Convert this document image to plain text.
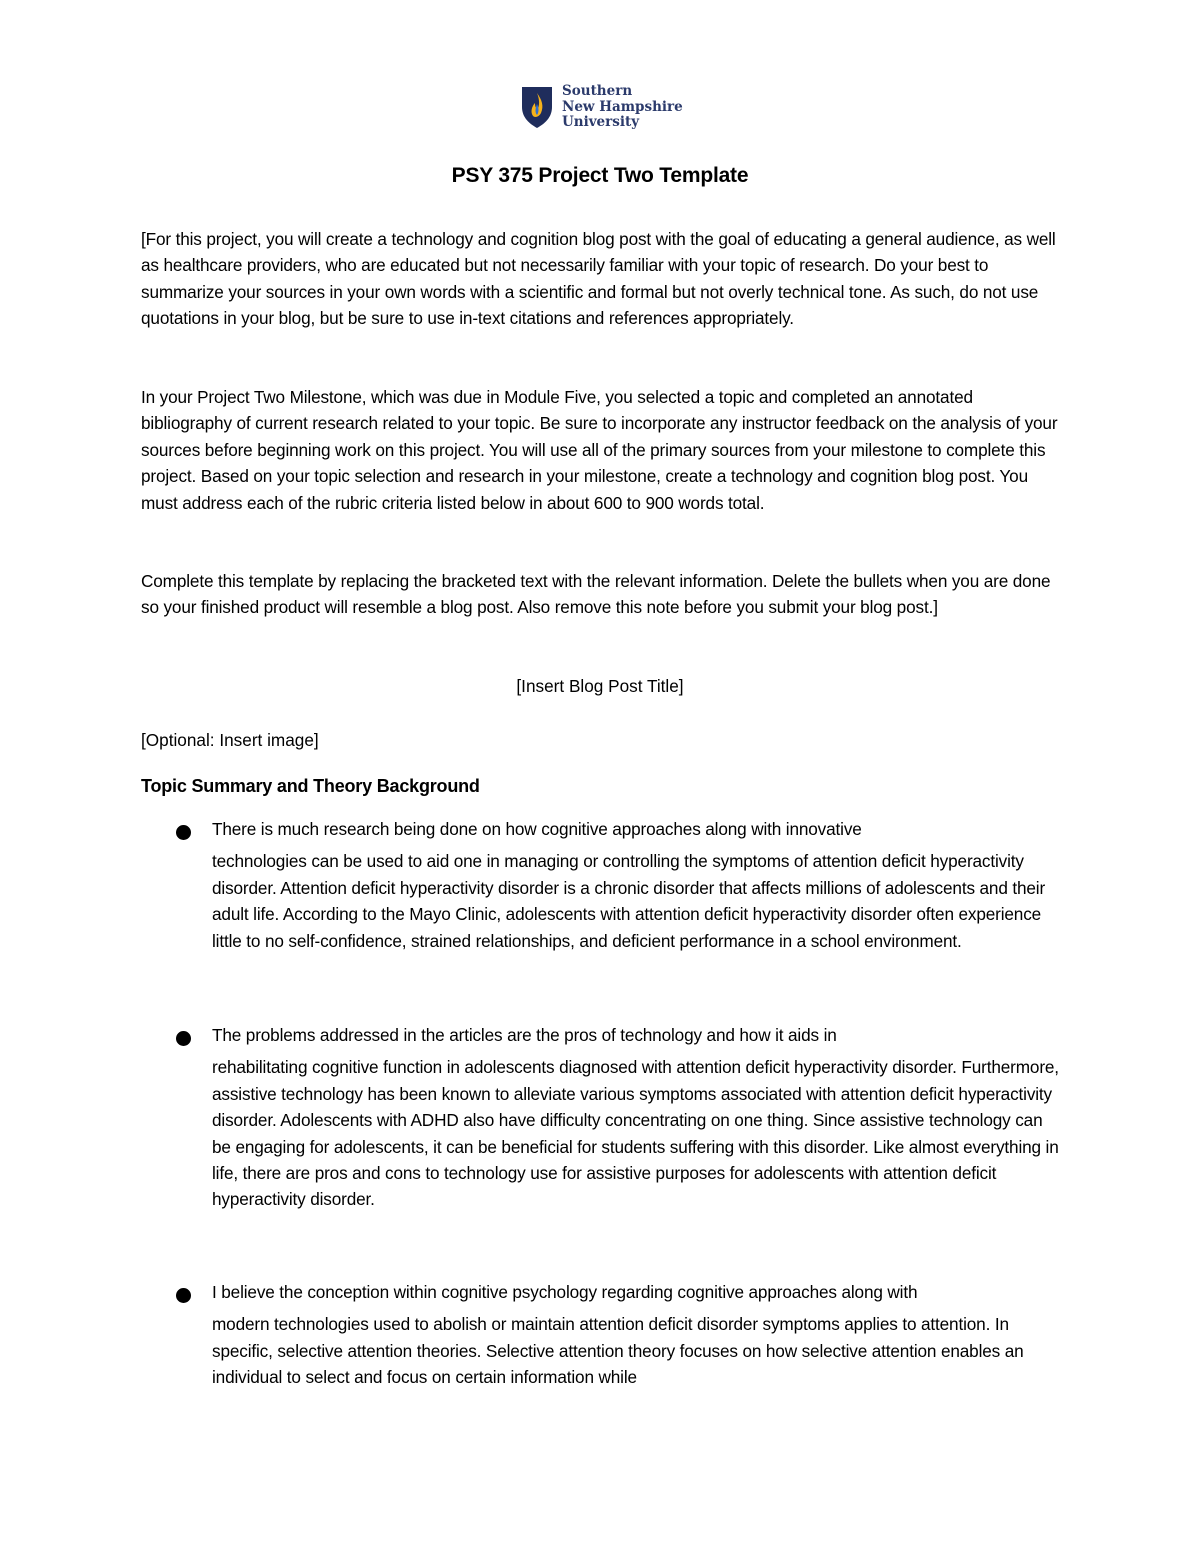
Southern
New Hampshire
University
PSY 375 Project Two Template

[For this project, you will create a technology and cognition blog post with the goal of educating a general audience, as well as healthcare providers, who are educated but not necessarily familiar with your topic of research. Do your best to summarize your sources in your own words with a scientific and formal but not overly technical tone. As such, do not use quotations in your blog, but be sure to use in-text citations and references appropriately.

In your Project Two Milestone, which was due in Module Five, you selected a topic and completed an annotated bibliography of current research related to your topic. Be sure to incorporate any instructor feedback on the analysis of your sources before beginning work on this project. You will use all of the primary sources from your milestone to complete this project. Based on your topic selection and research in your milestone, create a technology and cognition blog post. You must address each of the rubric criteria listed below in about 600 to 900 words total.

Complete this template by replacing the bracketed text with the relevant information. Delete the bullets when you are done so your finished product will resemble a blog post. Also remove this note before you submit your blog post.]

[Insert Blog Post Title]
[Optional: Insert image]
Topic Summary and Theory Background

There is much research being done on how cognitive approaches along with innovative
technologies can be used to aid one in managing or controlling the symptoms of attention deficit hyperactivity disorder. Attention deficit hyperactivity disorder is a chronic disorder that affects millions of adolescents and their adult life. According to the Mayo Clinic, adolescents with attention deficit hyperactivity disorder often experience little to no self-confidence, strained relationships, and deficient performance in a school environment.

The problems addressed in the articles are the pros of technology and how it aids in
rehabilitating cognitive function in adolescents diagnosed with attention deficit hyperactivity disorder. Furthermore, assistive technology has been known to alleviate various symptoms associated with attention deficit hyperactivity disorder. Adolescents with ADHD also have difficulty concentrating on one thing. Since assistive technology can be engaging for adolescents, it can be beneficial for students suffering with this disorder. Like almost everything in life, there are pros and cons to technology use for assistive purposes for adolescents with attention deficit hyperactivity disorder.

I believe the conception within cognitive psychology regarding cognitive approaches along with
modern technologies used to abolish or maintain attention deficit disorder symptoms applies to attention. In specific, selective attention theories. Selective attention theory focuses on how selective attention enables an individual to select and focus on certain information while
